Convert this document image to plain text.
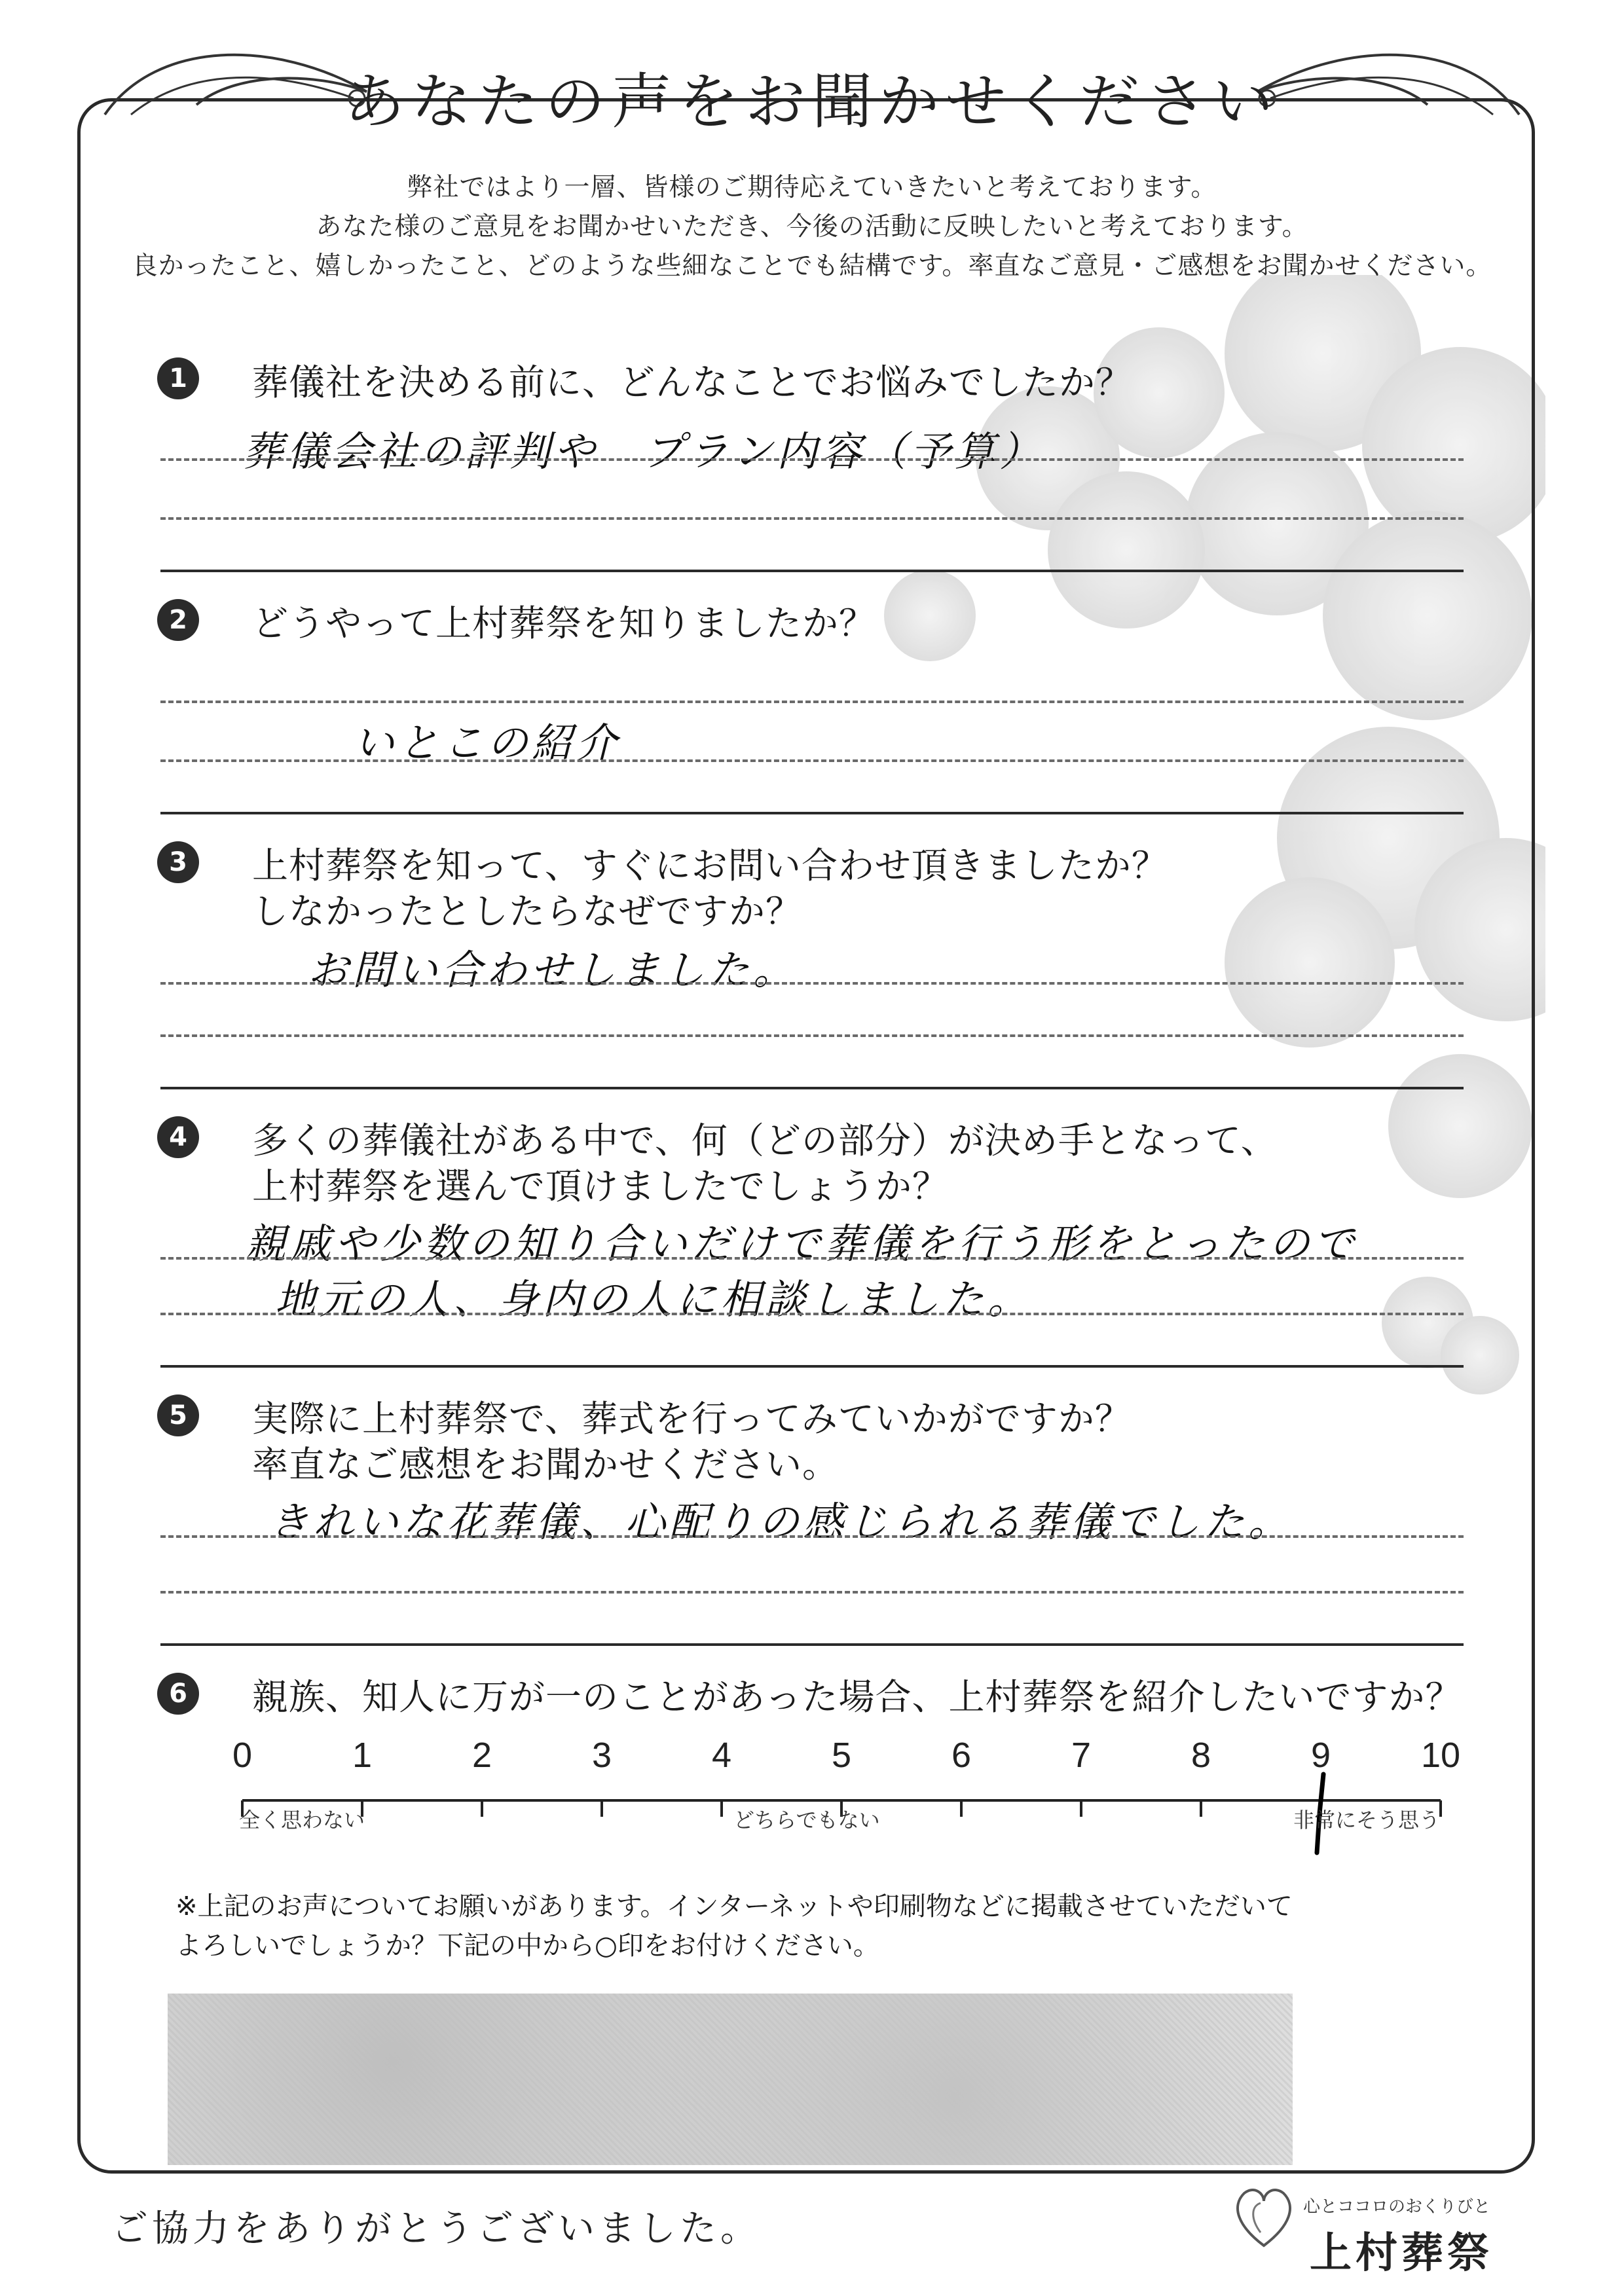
あなたの声をお聞かせください
弊社ではより一層、皆様のご期待応えていきたいと考えております。
あなた様のご意見をお聞かせいただき、今後の活動に反映したいと考えております。
良かったこと、嬉しかったこと、どのような些細なことでも結構です。率直なご意見・ご感想をお聞かせください。
1	葬儀社を決める前に、どんなことでお悩みでしたか？
葬儀会社の評判や　プラン内容（予算）
2	どうやって上村葬祭を知りましたか？
いとこの紹介
3	上村葬祭を知って、すぐにお問い合わせ頂きましたか？
しなかったとしたらなぜですか？
お問い合わせしました。
4	多くの葬儀社がある中で、何（どの部分）が決め手となって、
上村葬祭を選んで頂けましたでしょうか？
親戚や少数の知り合いだけで葬儀を行う形をとったので
地元の人、身内の人に相談しました。
5	実際に上村葬祭で、葬式を行ってみていかがですか？
率直なご感想をお聞かせください。
きれいな花葬儀、心配りの感じられる葬儀でした。
6	親族、知人に万が一のことがあった場合、上村葬祭を紹介したいですか？
0	1	2	3	4	5	6	7	8	9	10
全く思わない	どちらでもない	非常にそう思う
※上記のお声についてお願いがあります。インターネットや印刷物などに掲載させていただいて
よろしいでしょうか？下記の中から○印をお付けください。
ご協力をありがとうございました。
心とココロのおくりびと
上村葬祭
